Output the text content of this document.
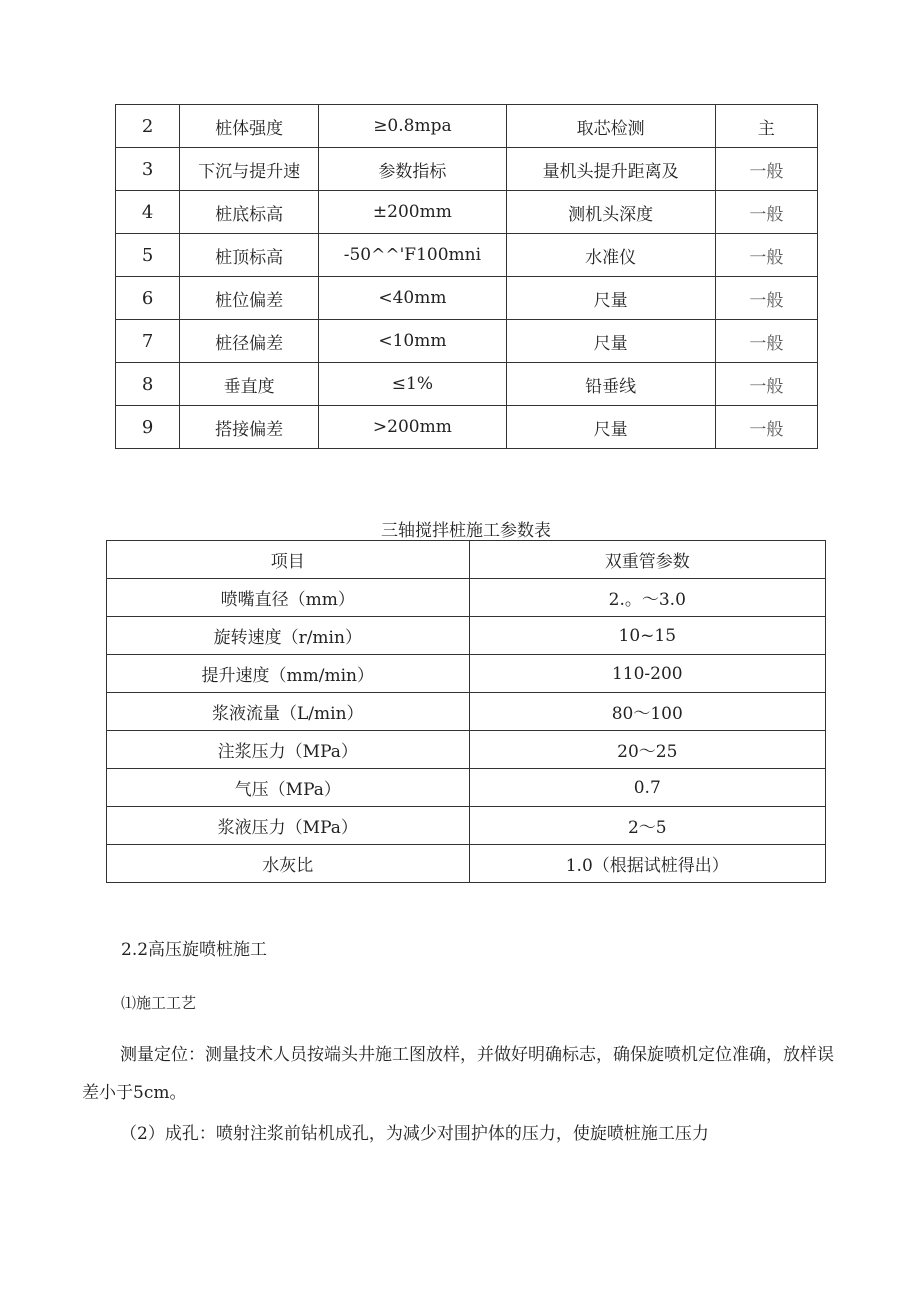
2	桩体强度	≥0.8mpa	取芯检测	主
3	下沉与提升速	参数指标	量机头提升距离及	一般
4	桩底标高	±200mm	测机头深度	一般
5	桩顶标高	-50^^'F100mni	水准仪	一般
6	桩位偏差	<40mm	尺量	一般
7	桩径偏差	<10mm	尺量	一般
8	垂直度	≤1%	铅垂线	一般
9	搭接偏差	>200mm	尺量	一般
三轴搅拌桩施工参数表
项目	双重管参数
喷嘴直径（mm）	2.。～3.0
旋转速度（r/min）	10~15
提升速度（mm/min）	110-200
浆液流量（L/min）	80～100
注浆压力（MPa）	20～25
气压（MPa）	0.7
浆液压力（MPa）	2～5
水灰比	1.0（根据试桩得出）
2.2高压旋喷桩施工
⑴施工工艺
测量定位：测量技术人员按端头井施工图放样，并做好明确标志，确保旋喷机定位准确，放样误差小于5cm。
（2）成孔：喷射注浆前钻机成孔，为减少对围护体的压力，使旋喷桩施工压力
